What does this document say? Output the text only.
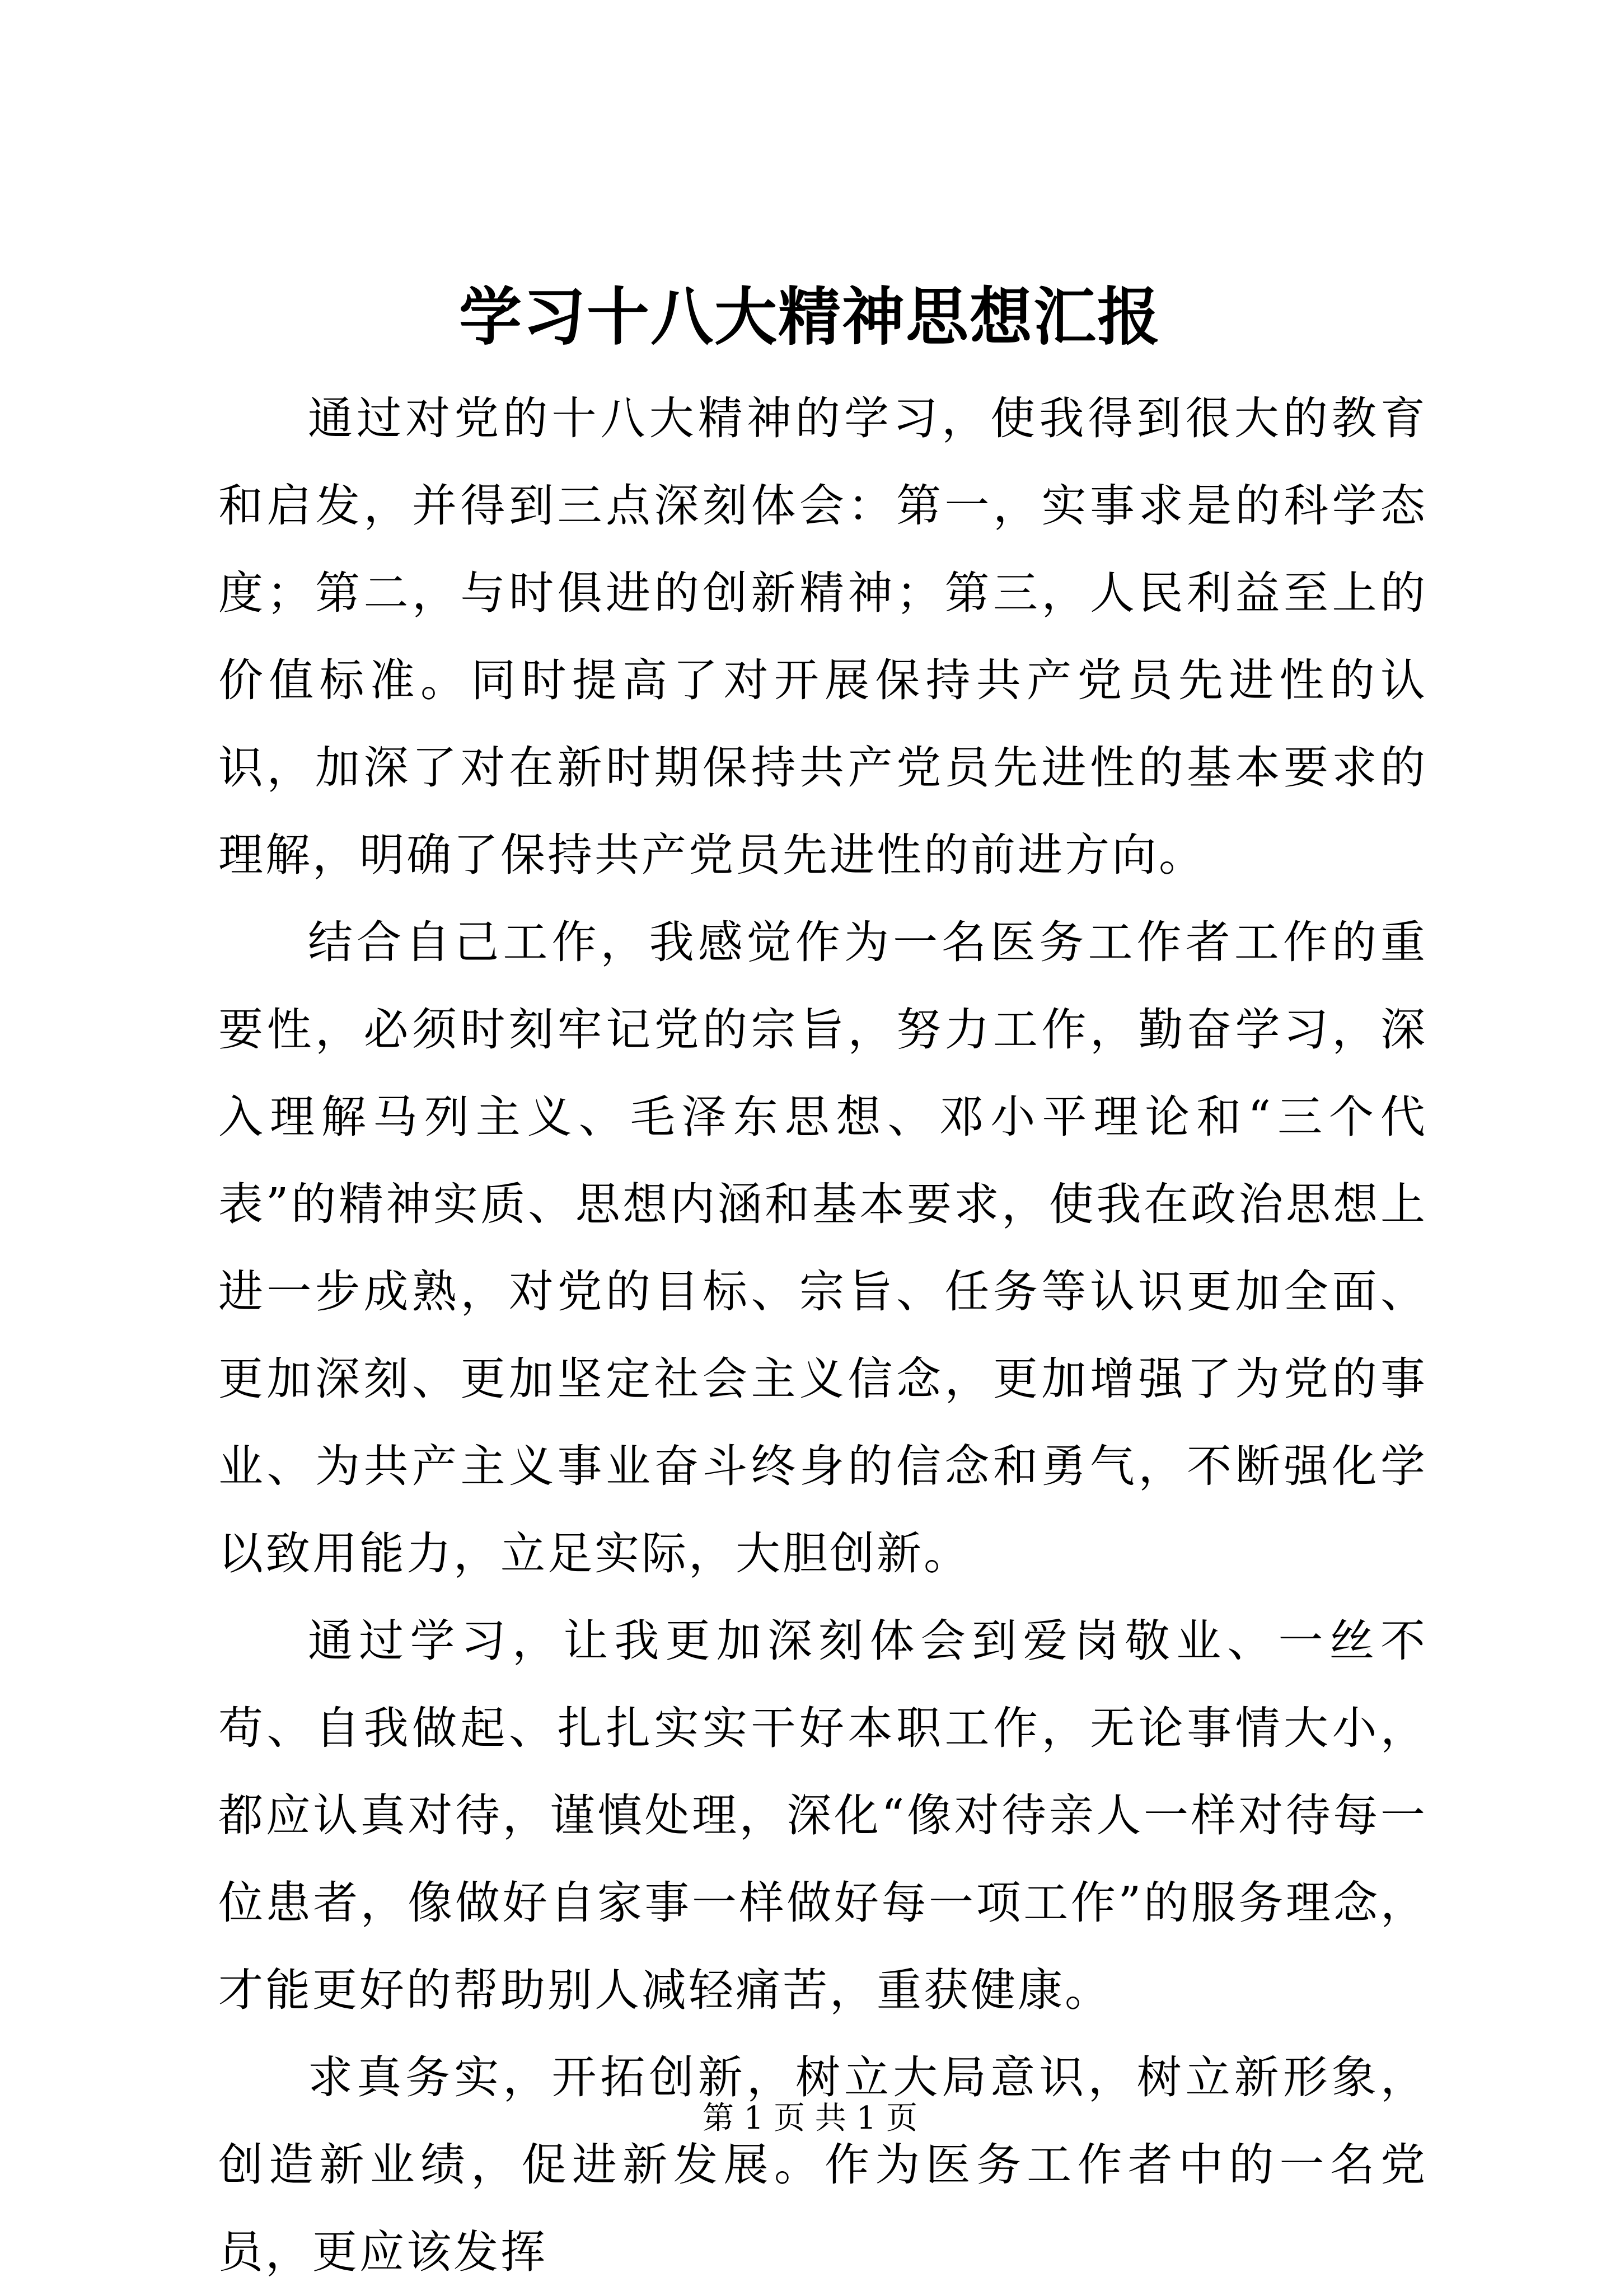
学习十八大精神思想汇报

通过对党的十八大精神的学习，使我得到很大的教育和启发，并得到三点深刻体会：第一，实事求是的科学态度；第二，与时俱进的创新精神；第三，人民利益至上的价值标准。同时提高了对开展保持共产党员先进性的认识，加深了对在新时期保持共产党员先进性的基本要求的理解，明确了保持共产党员先进性的前进方向。

结合自己工作，我感觉作为一名医务工作者工作的重要性，必须时刻牢记党的宗旨，努力工作，勤奋学习，深入理解马列主义、毛泽东思想、邓小平理论和“三个代表”的精神实质、思想内涵和基本要求，使我在政治思想上进一步成熟，对党的目标、宗旨、任务等认识更加全面、更加深刻、更加坚定社会主义信念，更加增强了为党的事业、为共产主义事业奋斗终身的信念和勇气，不断强化学以致用能力，立足实际，大胆创新。

通过学习，让我更加深刻体会到爱岗敬业、一丝不苟、自我做起、扎扎实实干好本职工作，无论事情大小，都应认真对待，谨慎处理，深化“像对待亲人一样对待每一位患者，像做好自家事一样做好每一项工作”的服务理念，才能更好的帮助别人减轻痛苦，重获健康。

求真务实，开拓创新，树立大局意识，树立新形象，创造新业绩，促进新发展。作为医务工作者中的一名党员，更应该发挥

第 1 页 共 1 页
